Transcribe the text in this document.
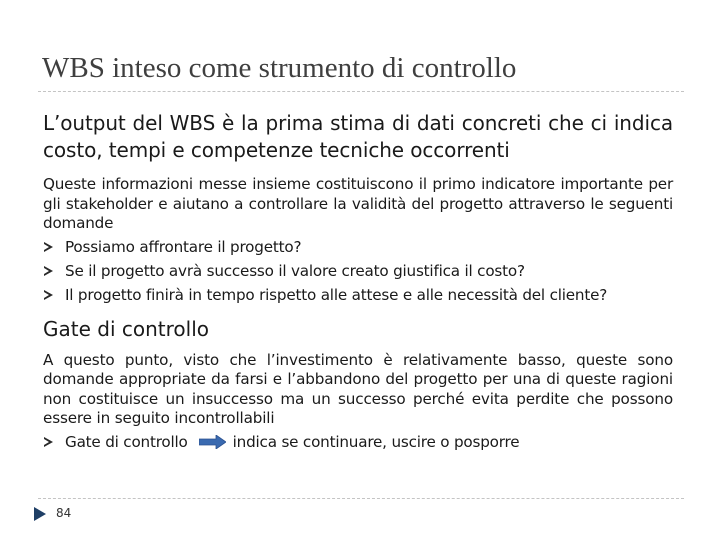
WBS inteso come strumento di controllo

L’output del WBS è la prima stima di dati concreti che ci indica costo, tempi e competenze tecniche occorrenti

Queste informazioni messe insieme costituiscono il primo indicatore importante per gli stakeholder e aiutano a controllare la validità del progetto attraverso le seguenti domande

Possiamo affrontare il progetto?
Se il progetto avrà successo il valore creato giustifica il costo?
Il progetto finirà in tempo rispetto alle attese e alle necessità del cliente?
Gate di controllo

A questo punto, visto che l’investimento è relativamente basso, queste sono domande appropriate da farsi e l’abbandono del progetto per una di queste ragioni non costituisce un insuccesso ma un successo perché evita perdite che possono essere in seguito incontrollabili

Gate di controllo	indica se continuare, uscire o posporre
84
